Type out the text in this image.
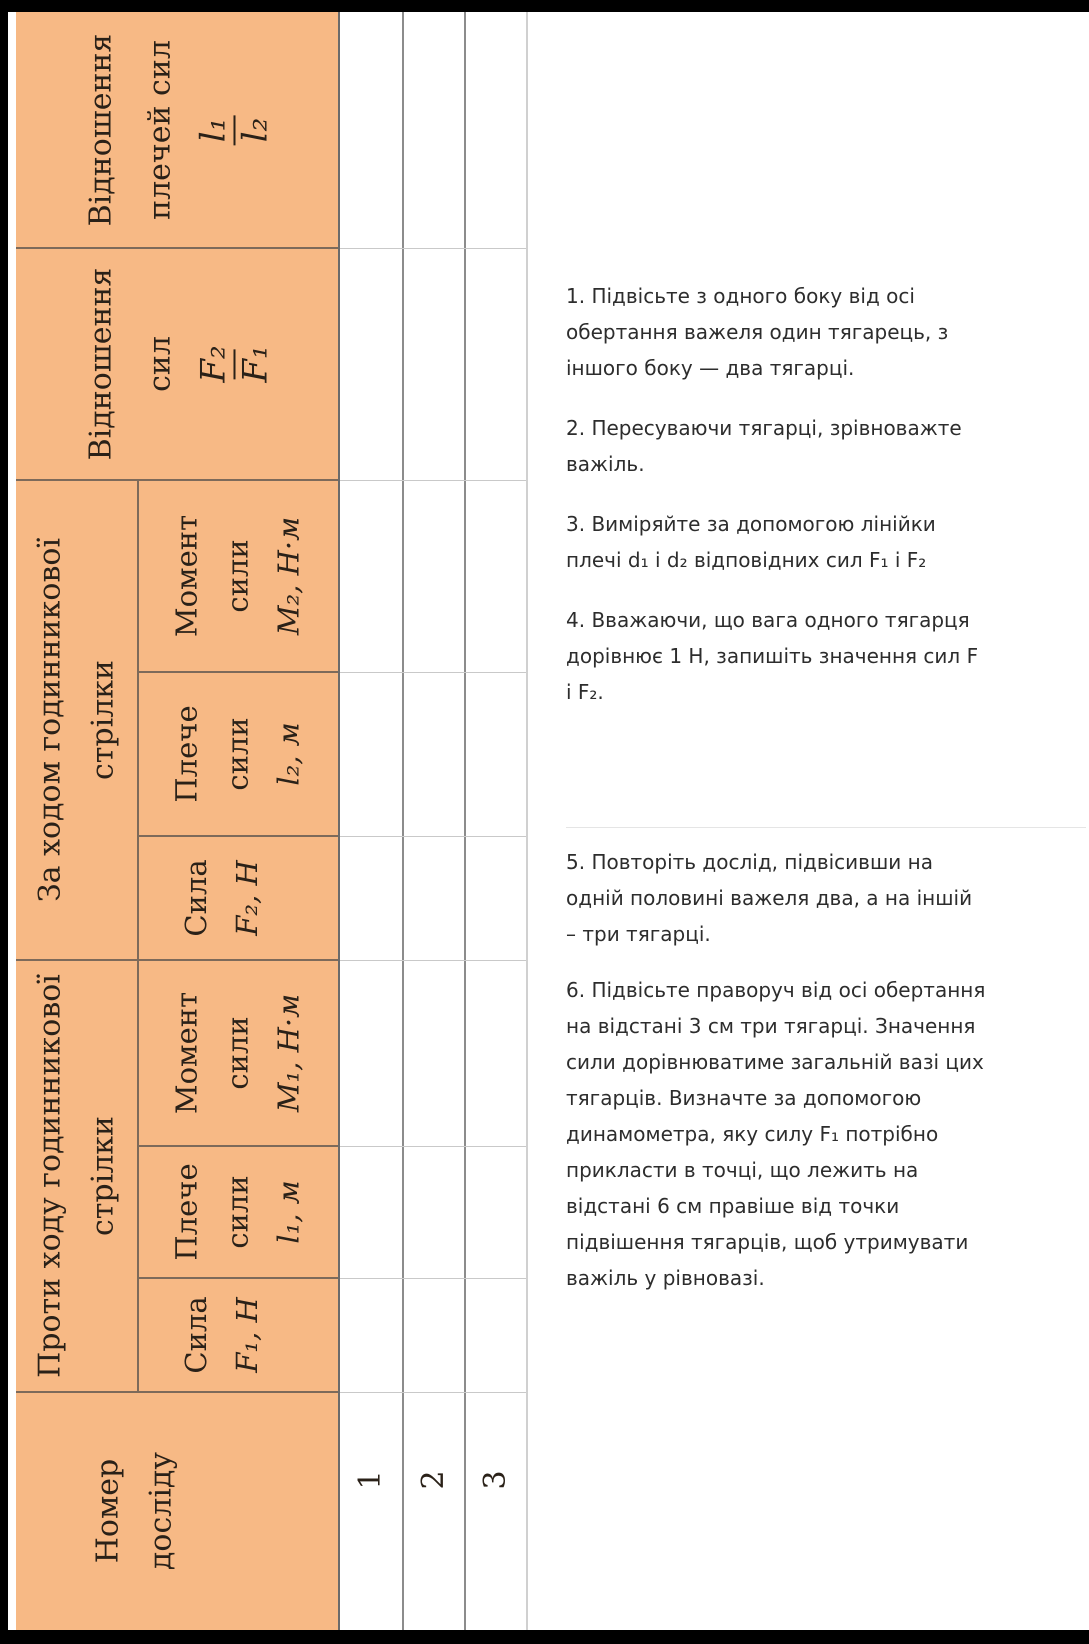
Відношення плечей сил l₁ l₂
Відношення сил F₂ F₁
За ходом годинникової стрілки
Момент сили M₂, Н·м
Плече сили l₂, м
Сила F₂, Н
Проти ходу годинникової стрілки
Момент сили M₁, Н·м
Плече сили l₁, м
Сила F₁, Н
Номер досліду	1 2 3
1. Підвісьте з одного боку від осі
обертання важеля один тягарець, з
іншого боку — два тягарці.
2. Пересуваючи тягарці, зрівноважте
важіль.
3. Виміряйте за допомогою лінійки
плечі d₁ і d₂ відповідних сил F₁ і F₂
4. Вважаючи, що вага одного тягарця
дорівнює 1 Н, запишіть значення сил F
і F₂.
5. Повторіть дослід, підвісивши на
одній половині важеля два, а на іншій
– три тягарці.
6. Підвісьте праворуч від осі обертання
на відстані 3 см три тягарці. Значення
сили дорівнюватиме загальній вазі цих
тягарців. Визначте за допомогою
динамометра, яку силу F₁ потрібно
прикласти в точці, що лежить на
відстані 6 см правіше від точки
підвішення тягарців, щоб утримувати
важіль у рівновазі.
